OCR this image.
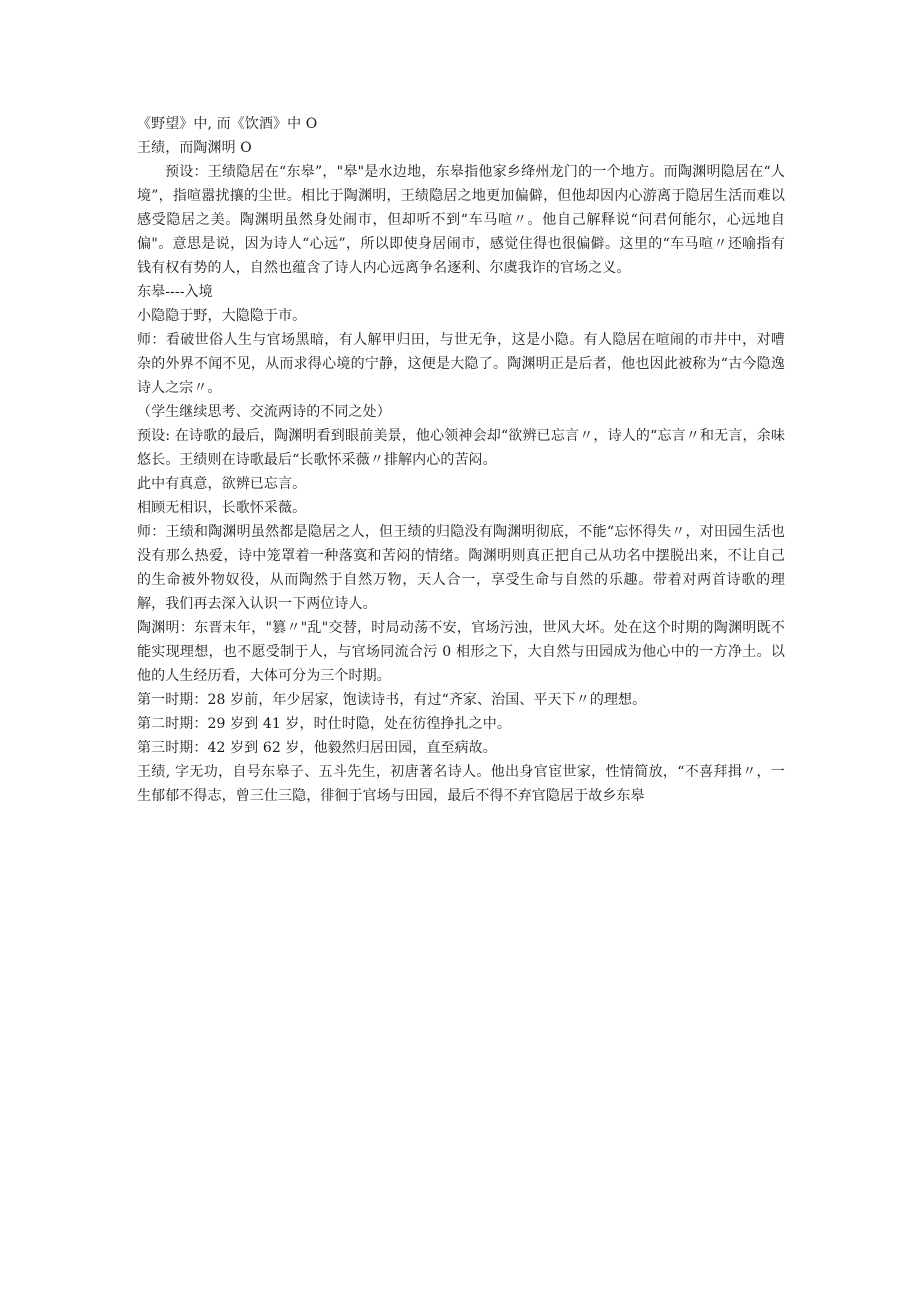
《野望》中, 而《饮酒》中 O

王绩，而陶渊明 O

预设：王绩隐居在“东皋”，"皋"是水边地，东皋指他家乡绛州龙门的一个地方。而陶渊明隐居在“人境”，指喧嚣扰攘的尘世。相比于陶渊明，王绩隐居之地更加偏僻，但他却因内心游离于隐居生活而难以感受隐居之美。陶渊明虽然身处闹市，但却听不到“车马喧〃。他自己解释说“问君何能尔，心远地自偏"。意思是说，因为诗人“心远”，所以即使身居闹市，感觉住得也很偏僻。这里的“车马喧〃还喻指有钱有权有势的人，自然也蕴含了诗人内心远离争名逐利、尔虞我诈的官场之义。

东皋----入境

小隐隐于野，大隐隐于市。

师：看破世俗人生与官场黑暗，有人解甲归田，与世无争，这是小隐。有人隐居在喧闹的市井中，对嘈杂的外界不闻不见，从而求得心境的宁静，这便是大隐了。陶渊明正是后者，他也因此被称为“古今隐逸诗人之宗〃。

（学生继续思考、交流两诗的不同之处）

预设: 在诗歌的最后，陶渊明看到眼前美景，他心领神会却“欲辨已忘言〃，诗人的“忘言〃和无言，余味悠长。王绩则在诗歌最后“长歌怀采薇〃排解内心的苦闷。

此中有真意，欲辨已忘言。

相顾无相识，长歌怀采薇。

师：王绩和陶渊明虽然都是隐居之人，但王绩的归隐没有陶渊明彻底，不能“忘怀得失〃，对田园生活也没有那么热爱，诗中笼罩着一种落寞和苦闷的情绪。陶渊明则真正把自己从功名中摆脱出来，不让自己的生命被外物奴役，从而陶然于自然万物，天人合一，享受生命与自然的乐趣。带着对两首诗歌的理解，我们再去深入认识一下两位诗人。

陶渊明：东晋末年，"篡〃"乱"交替，时局动荡不安，官场污浊，世风大坏。处在这个时期的陶渊明既不能实现理想，也不愿受制于人，与官场同流合污 0 相形之下，大自然与田园成为他心中的一方净土。以他的人生经历看，大体可分为三个时期。

第一时期：28 岁前，年少居家，饱读诗书，有过“齐家、治国、平天下〃的理想。

第二时期：29 岁到 41 岁，时仕时隐，处在彷徨挣扎之中。

第三时期：42 岁到 62 岁，他毅然归居田园，直至病故。

王绩, 字无功，自号东皋子、五斗先生，初唐著名诗人。他出身官宦世家，性情简放，“不喜拜揖〃，一生郁郁不得志，曾三仕三隐，徘徊于官场与田园，最后不得不弃官隐居于故乡东皋
